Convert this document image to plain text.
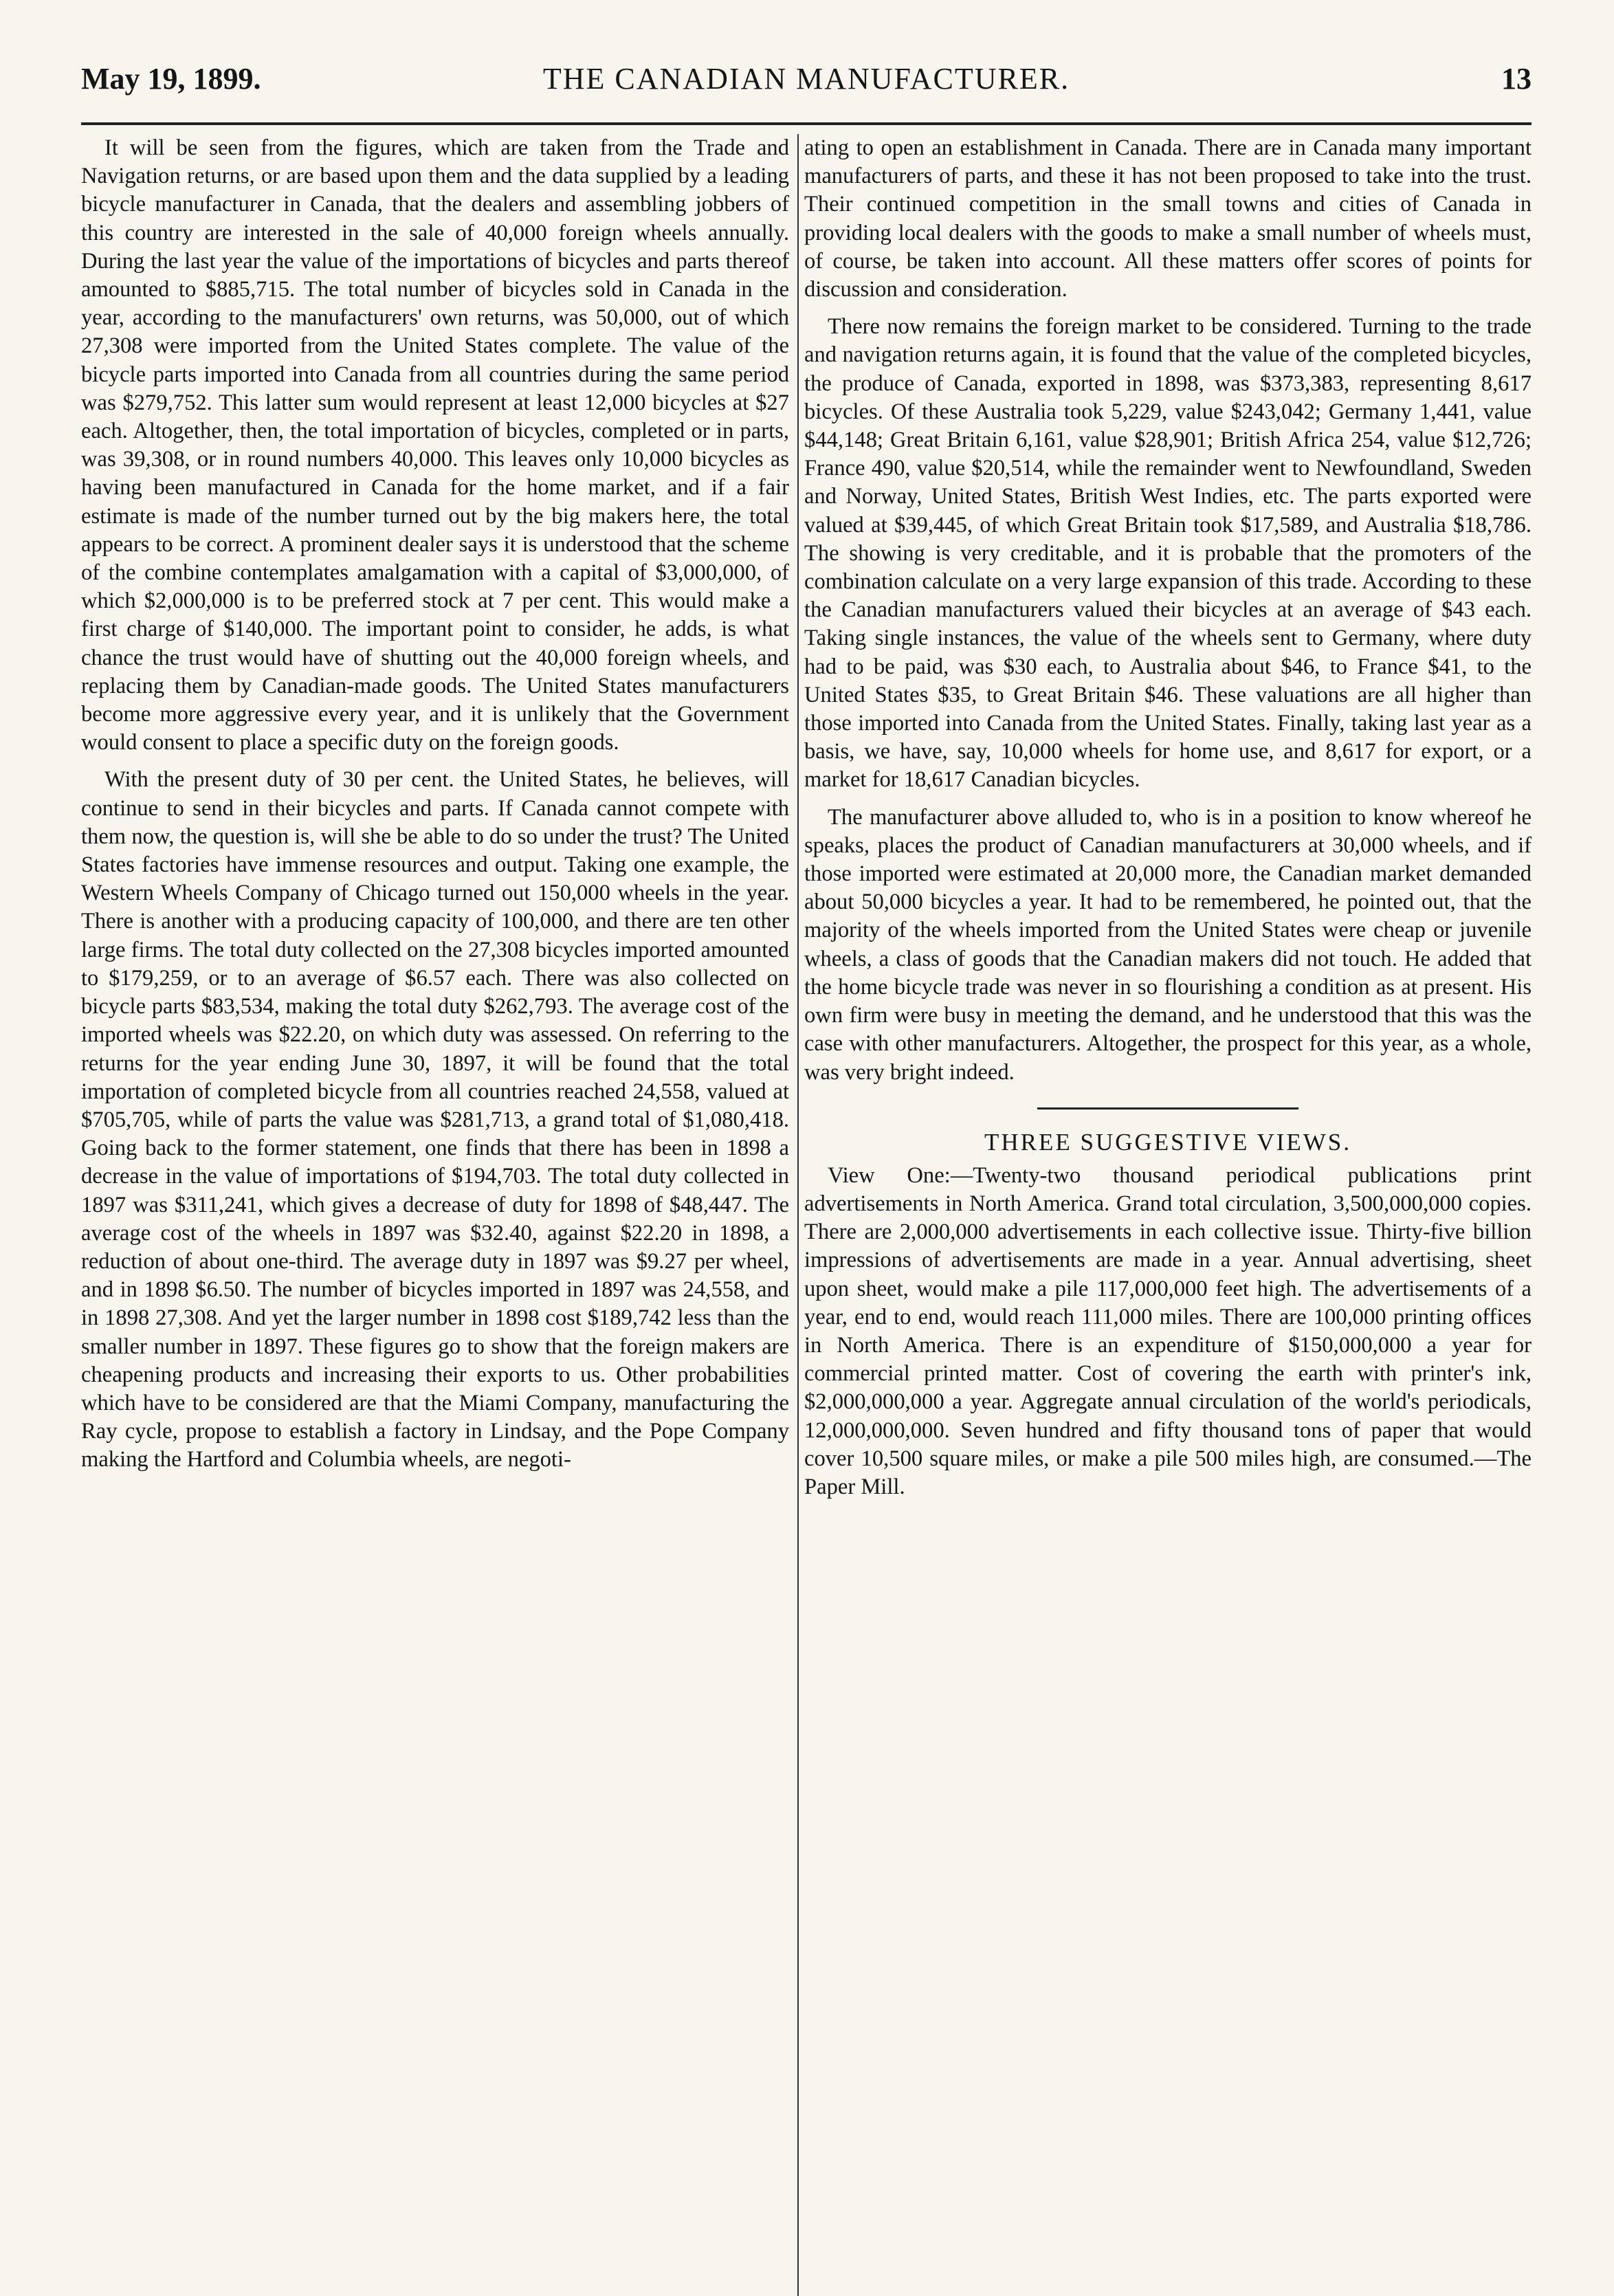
May 19, 1899.	THE CANADIAN MANUFACTURER.	13

It will be seen from the figures, which are taken from the Trade and Navigation returns, or are based upon them and the data supplied by a leading bicycle manufacturer in Canada, that the dealers and assembling jobbers of this country are interested in the sale of 40,000 foreign wheels annually. During the last year the value of the importations of bicycles and parts thereof amounted to $885,715. The total number of bicycles sold in Canada in the year, according to the manufacturers' own returns, was 50,000, out of which 27,308 were imported from the United States complete. The value of the bicycle parts imported into Canada from all countries during the same period was $279,752. This latter sum would represent at least 12,000 bicycles at $27 each. Altogether, then, the total importation of bicycles, completed or in parts, was 39,308, or in round numbers 40,000. This leaves only 10,000 bicycles as having been manufactured in Canada for the home market, and if a fair estimate is made of the number turned out by the big makers here, the total appears to be correct. A prominent dealer says it is understood that the scheme of the combine contemplates amalgamation with a capital of $3,000,000, of which $2,000,000 is to be preferred stock at 7 per cent. This would make a first charge of $140,000. The important point to consider, he adds, is what chance the trust would have of shutting out the 40,000 foreign wheels, and replacing them by Canadian-made goods. The United States manufacturers become more aggressive every year, and it is unlikely that the Government would consent to place a specific duty on the foreign goods.

With the present duty of 30 per cent. the United States, he believes, will continue to send in their bicycles and parts. If Canada cannot compete with them now, the question is, will she be able to do so under the trust? The United States factories have immense resources and output. Taking one example, the Western Wheels Company of Chicago turned out 150,000 wheels in the year. There is another with a producing capacity of 100,000, and there are ten other large firms. The total duty collected on the 27,308 bicycles imported amounted to $179,259, or to an average of $6.57 each. There was also collected on bicycle parts $83,534, making the total duty $262,793. The average cost of the imported wheels was $22.20, on which duty was assessed. On referring to the returns for the year ending June 30, 1897, it will be found that the total importation of completed bicycle from all countries reached 24,558, valued at $705,705, while of parts the value was $281,713, a grand total of $1,080,418. Going back to the former statement, one finds that there has been in 1898 a decrease in the value of importations of $194,703. The total duty collected in 1897 was $311,241, which gives a decrease of duty for 1898 of $48,447. The average cost of the wheels in 1897 was $32.40, against $22.20 in 1898, a reduction of about one-third. The average duty in 1897 was $9.27 per wheel, and in 1898 $6.50. The number of bicycles imported in 1897 was 24,558, and in 1898 27,308. And yet the larger number in 1898 cost $189,742 less than the smaller number in 1897. These figures go to show that the foreign makers are cheapening products and increasing their exports to us. Other probabilities which have to be considered are that the Miami Company, manufacturing the Ray cycle, propose to establish a factory in Lindsay, and the Pope Company making the Hartford and Columbia wheels, are negoti-

ating to open an establishment in Canada. There are in Canada many important manufacturers of parts, and these it has not been proposed to take into the trust. Their continued competition in the small towns and cities of Canada in providing local dealers with the goods to make a small number of wheels must, of course, be taken into account. All these matters offer scores of points for discussion and consideration.

There now remains the foreign market to be considered. Turning to the trade and navigation returns again, it is found that the value of the completed bicycles, the produce of Canada, exported in 1898, was $373,383, representing 8,617 bicycles. Of these Australia took 5,229, value $243,042; Germany 1,441, value $44,148; Great Britain 6,161, value $28,901; British Africa 254, value $12,726; France 490, value $20,514, while the remainder went to Newfoundland, Sweden and Norway, United States, British West Indies, etc. The parts exported were valued at $39,445, of which Great Britain took $17,589, and Australia $18,786. The showing is very creditable, and it is probable that the promoters of the combination calculate on a very large expansion of this trade. According to these the Canadian manufacturers valued their bicycles at an average of $43 each. Taking single instances, the value of the wheels sent to Germany, where duty had to be paid, was $30 each, to Australia about $46, to France $41, to the United States $35, to Great Britain $46. These valuations are all higher than those imported into Canada from the United States. Finally, taking last year as a basis, we have, say, 10,000 wheels for home use, and 8,617 for export, or a market for 18,617 Canadian bicycles.

The manufacturer above alluded to, who is in a position to know whereof he speaks, places the product of Canadian manufacturers at 30,000 wheels, and if those imported were estimated at 20,000 more, the Canadian market demanded about 50,000 bicycles a year. It had to be remembered, he pointed out, that the majority of the wheels imported from the United States were cheap or juvenile wheels, a class of goods that the Canadian makers did not touch. He added that the home bicycle trade was never in so flourishing a condition as at present. His own firm were busy in meeting the demand, and he understood that this was the case with other manufacturers. Altogether, the prospect for this year, as a whole, was very bright indeed.

THREE SUGGESTIVE VIEWS.

View One:—Twenty-two thousand periodical publications print advertisements in North America. Grand total circulation, 3,500,000,000 copies. There are 2,000,000 advertisements in each collective issue. Thirty-five billion impressions of advertisements are made in a year. Annual advertising, sheet upon sheet, would make a pile 117,000,000 feet high. The advertisements of a year, end to end, would reach 111,000 miles. There are 100,000 printing offices in North America. There is an expenditure of $150,000,000 a year for commercial printed matter. Cost of covering the earth with printer's ink, $2,000,000,000 a year. Aggregate annual circulation of the world's periodicals, 12,000,000,000. Seven hundred and fifty thousand tons of paper that would cover 10,500 square miles, or make a pile 500 miles high, are consumed.—The Paper Mill.
